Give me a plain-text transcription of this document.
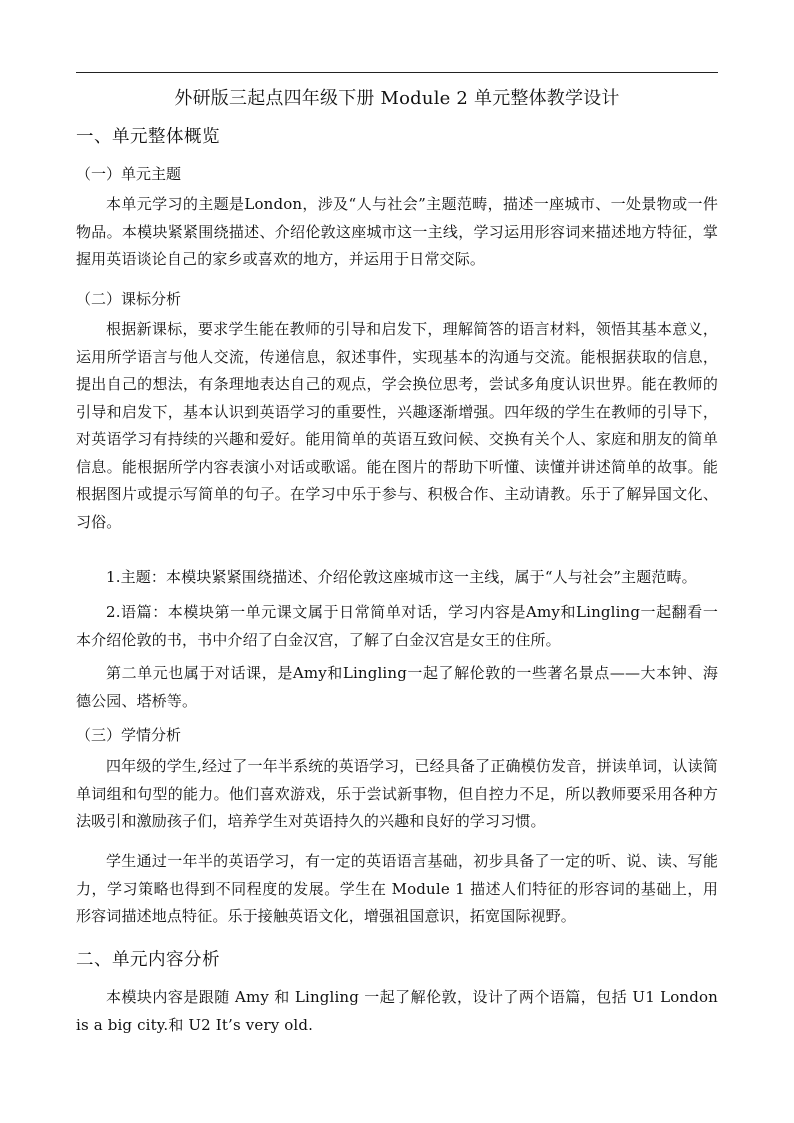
外研版三起点四年级下册 Module 2 单元整体教学设计
一、单元整体概览
（一）单元主题

本单元学习的主题是London，涉及“人与社会”主题范畴，描述一座城市、一处景物或一件物品。本模块紧紧围绕描述、介绍伦敦这座城市这一主线，学习运用形容词来描述地方特征，掌握用英语谈论自己的家乡或喜欢的地方，并运用于日常交际。

（二）课标分析

根据新课标，要求学生能在教师的引导和启发下，理解简答的语言材料，领悟其基本意义，运用所学语言与他人交流，传递信息，叙述事件，实现基本的沟通与交流。能根据获取的信息，提出自己的想法，有条理地表达自己的观点，学会换位思考，尝试多角度认识世界。能在教师的引导和启发下，基本认识到英语学习的重要性，兴趣逐渐增强。四年级的学生在教师的引导下，对英语学习有持续的兴趣和爱好。能用简单的英语互致问候、交换有关个人、家庭和朋友的简单信息。能根据所学内容表演小对话或歌谣。能在图片的帮助下听懂、读懂并讲述简单的故事。能根据图片或提示写简单的句子。在学习中乐于参与、积极合作、主动请教。乐于了解异国文化、习俗。

1.主题：本模块紧紧围绕描述、介绍伦敦这座城市这一主线，属于“人与社会”主题范畴。

2.语篇：本模块第一单元课文属于日常简单对话，学习内容是Amy和Lingling一起翻看一本介绍伦敦的书，书中介绍了白金汉宫，了解了白金汉宫是女王的住所。

第二单元也属于对话课，是Amy和Lingling一起了解伦敦的一些著名景点——大本钟、海德公园、塔桥等。

（三）学情分析

四年级的学生,经过了一年半系统的英语学习，已经具备了正确模仿发音，拼读单词，认读简单词组和句型的能力。他们喜欢游戏，乐于尝试新事物，但自控力不足，所以教师要采用各种方法吸引和激励孩子们，培养学生对英语持久的兴趣和良好的学习习惯。

学生通过一年半的英语学习，有一定的英语语言基础，初步具备了一定的听、说、读、写能力，学习策略也得到不同程度的发展。学生在 Module 1 描述人们特征的形容词的基础上，用形容词描述地点特征。乐于接触英语文化，增强祖国意识，拓宽国际视野。

二、单元内容分析

本模块内容是跟随 Amy 和 Lingling 一起了解伦敦，设计了两个语篇，包括 U1 London is a big city.和 U2 It’s very old.
